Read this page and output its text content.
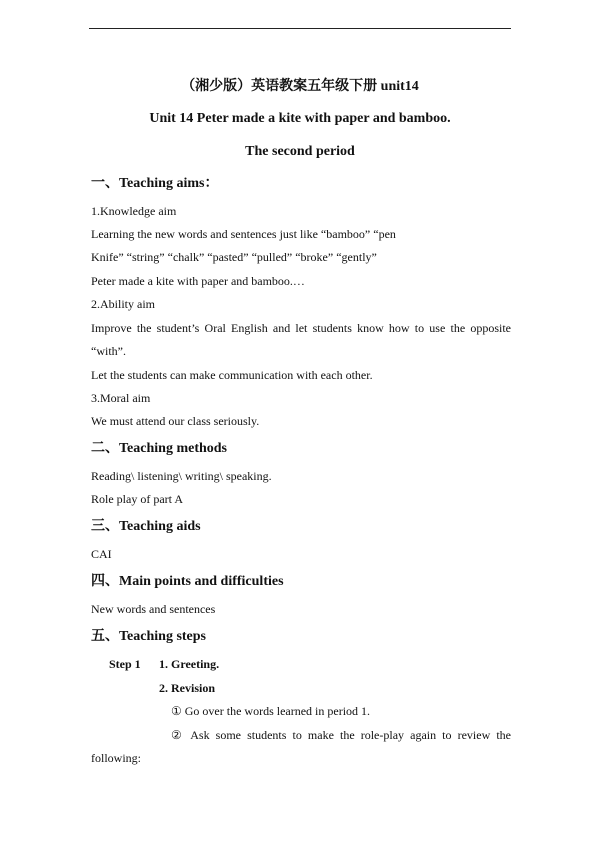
（湘少版）英语教案五年级下册 unit14
Unit 14 Peter made a kite with paper and bamboo.
The second period
一、Teaching aims：
1.Knowledge aim
Learning the new words and sentences just like “bamboo” “pen
Knife” “string” “chalk” “pasted” “pulled” “broke” “gently”
Peter made a kite with paper and bamboo.…
2.Ability aim
Improve the student’s Oral English and let students know how to use the opposite
“with”.
Let the students can make communication with each other.
3.Moral aim
We must attend our class seriously.
二、Teaching methods
Reading\ listening\ writing\ speaking.
Role play of part A
三、Teaching aids
CAI
四、Main points and difficulties
New words and sentences
五、Teaching steps
Step 1 1. Greeting.
2. Revision
① Go over the words learned in period 1.
② Ask some students to make the role-play again to review the
following:
